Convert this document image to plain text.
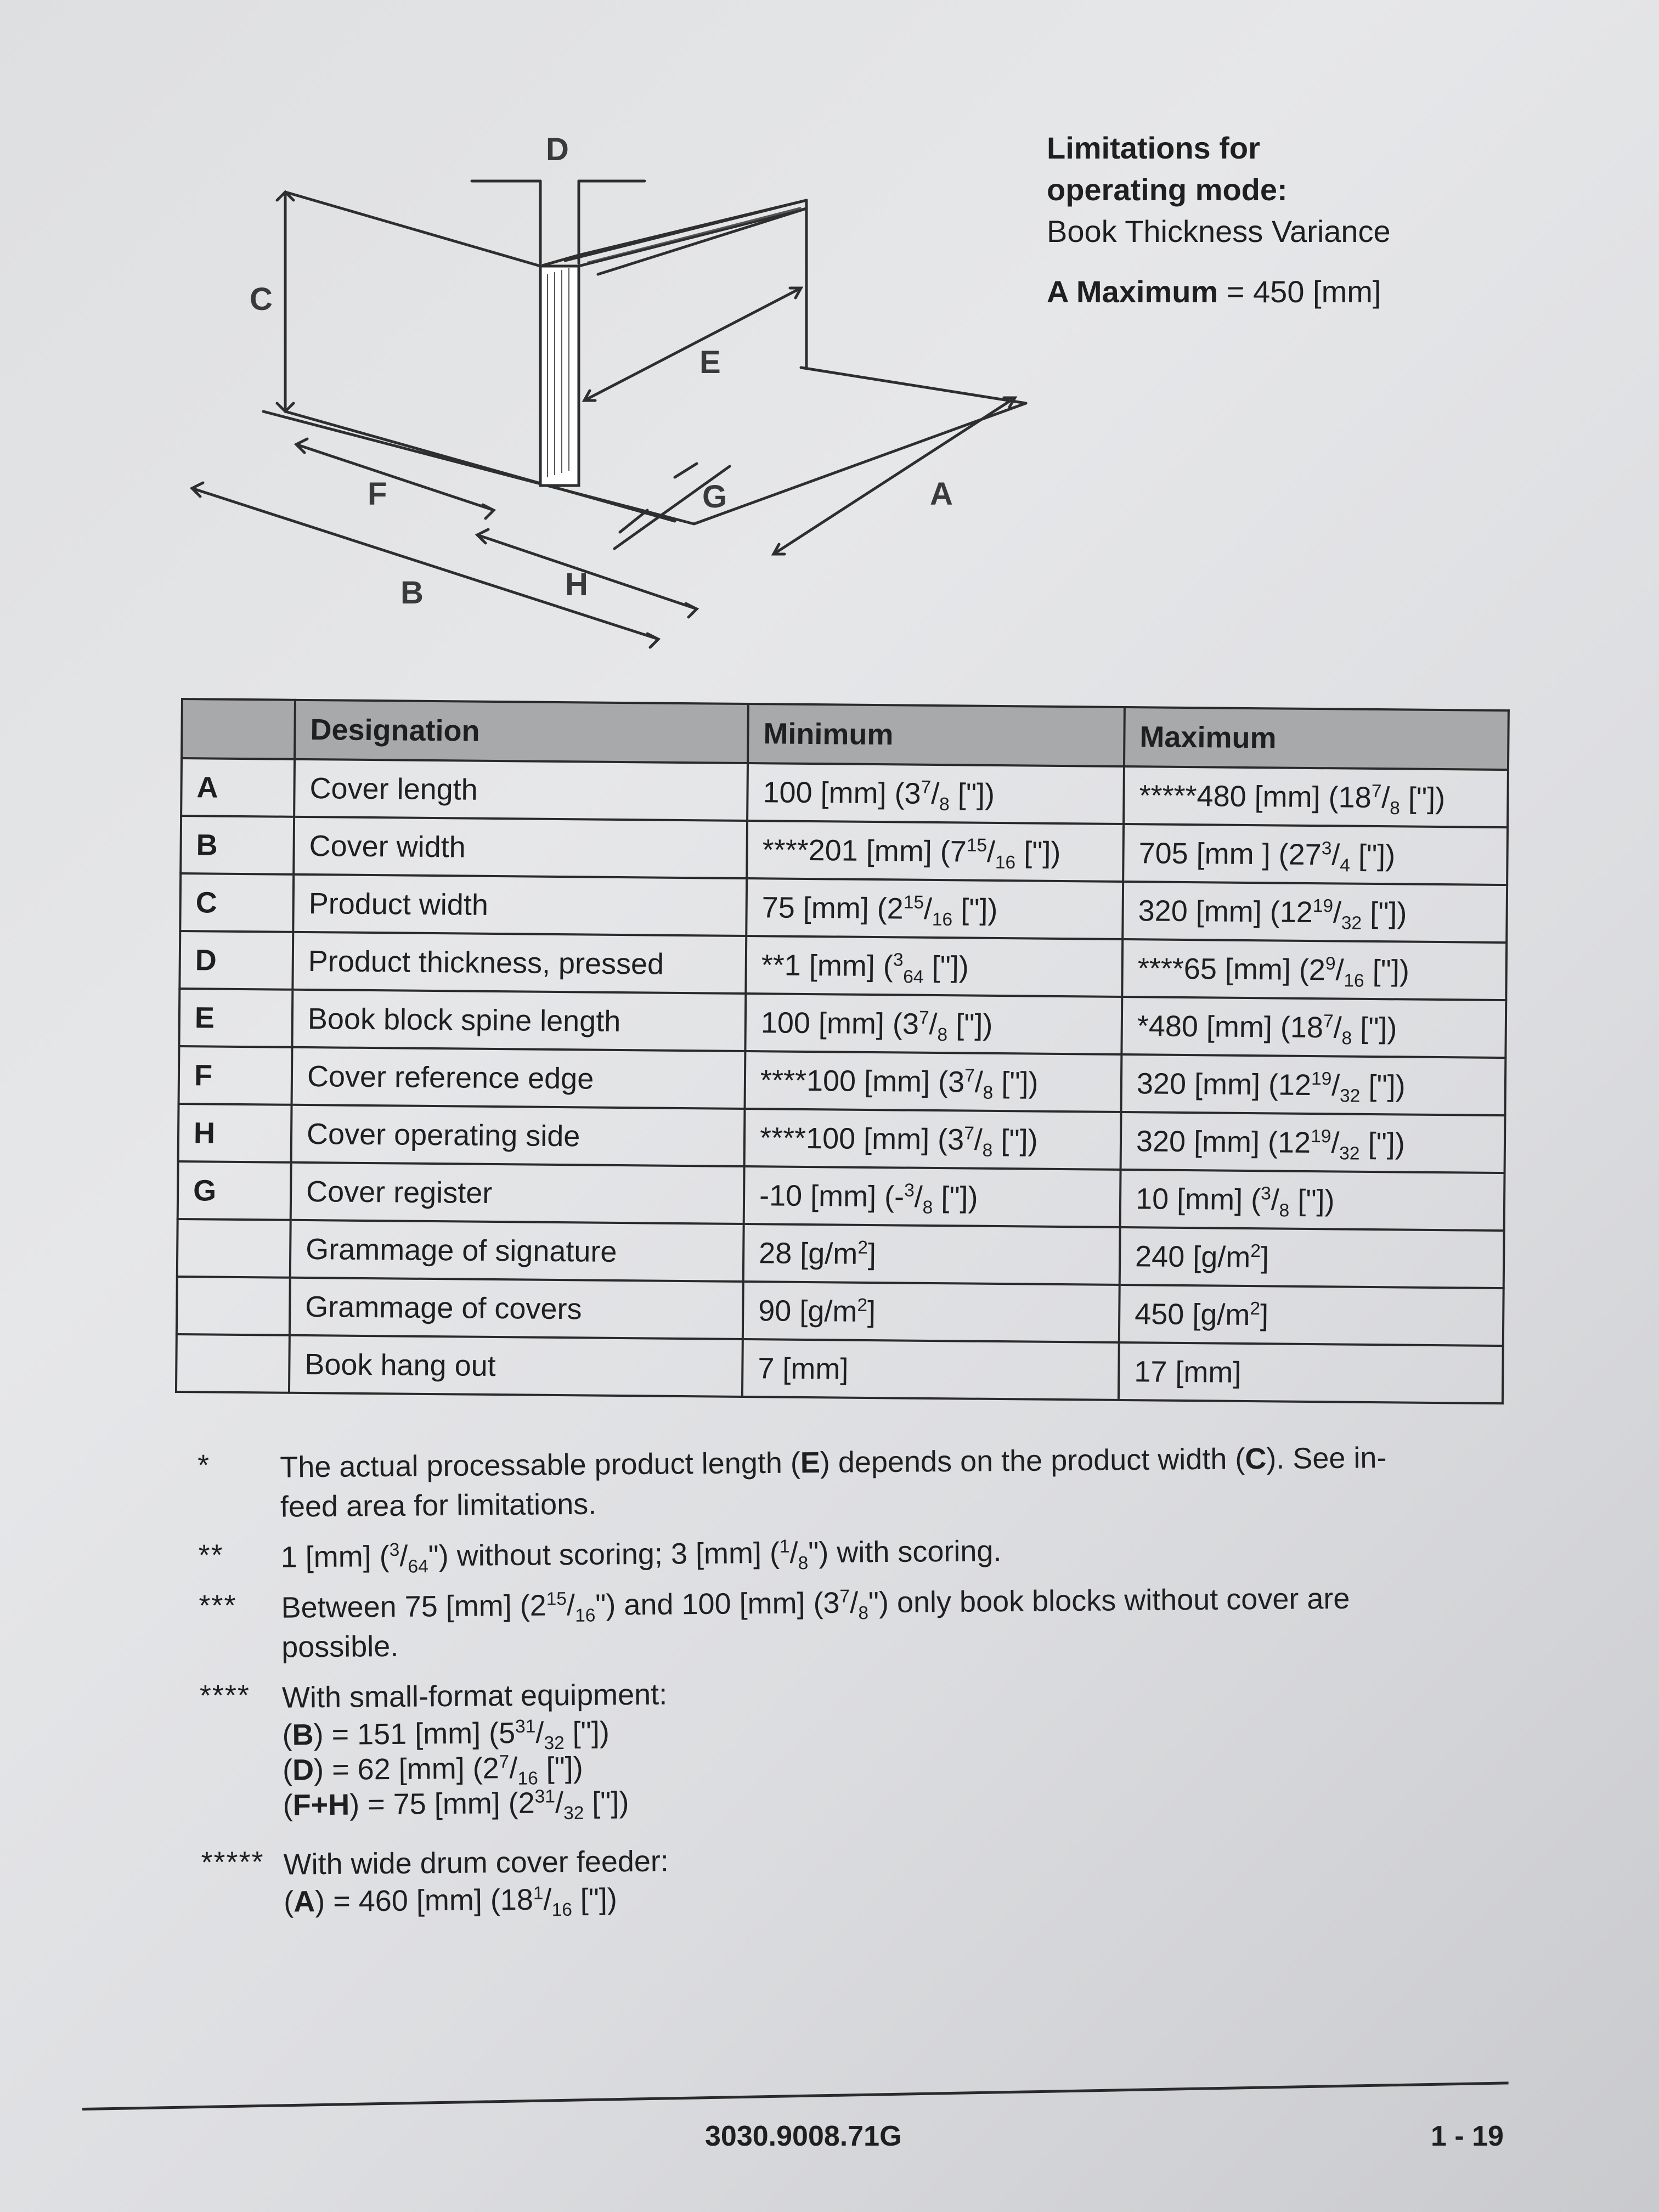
D
C
E
A
F	G
B	H
Limitations for
operating mode:
Book Thickness Variance
A Maximum = 450 [mm]
	Designation	Minimum	Maximum
A	Cover length	100 [mm] ($3^7/_8$ ["])	*****480 [mm] ($18^7/_8$ ["])
B	Cover width	****201 [mm] ($7^{15}/_{16}$ ["])	705 [mm ] ($27^3/_4$ ["])
C	Product width	75 [mm] ($2^{15}/_{16}$ ["])	320 [mm] ($12^{19}/_{32}$ ["])
D	Product thickness, pressed	**1 [mm] ($^3_{64}$ ["])	****65 [mm] ($2^9/_{16}$ ["])
E	Book block spine length	100 [mm] ($3^7/_8$ ["])	*480 [mm] ($18^7/_8$ ["])
F	Cover reference edge	****100 [mm] ($3^7/_8$ ["])	320 [mm] ($12^{19}/_{32}$ ["])
H	Cover operating side	****100 [mm] ($3^7/_8$ ["])	320 [mm] ($12^{19}/_{32}$ ["])
G	Cover register	-10 [mm] ($-^3/_8$ ["])	10 [mm] ($^3/_8$ ["])
	Grammage of signature	28 $[g/m^2]$	240 $[g/m^2]$
	Grammage of covers	90 $[g/m^2]$	450 $[g/m^2]$
	Book hang out	7 [mm]	17 [mm]
*	The actual processable product length (E) depends on the product width (C). See in-
feed area for limitations.
**	1 [mm] $(^3/_{64}")$ without scoring; 3 [mm] $(^1/_8")$ with scoring.
***	Between 75 [mm] $(2^{15}/_{16}")$ and 100 [mm] $(3^7/_8")$ only book blocks without cover are
possible.
****	With small-format equipment:
(B) = 151 [mm] ($5^{31}/_{32}$ ["])
(D) = 62 [mm] ($2^7/_{16}$ ["])
(F+H) = 75 [mm] ($2^{31}/_{32}$ ["])
***** With wide drum cover feeder:
(A) = 460 [mm] ($18^1/_{16}$ ["])
3030.9008.71G	1 - 19
